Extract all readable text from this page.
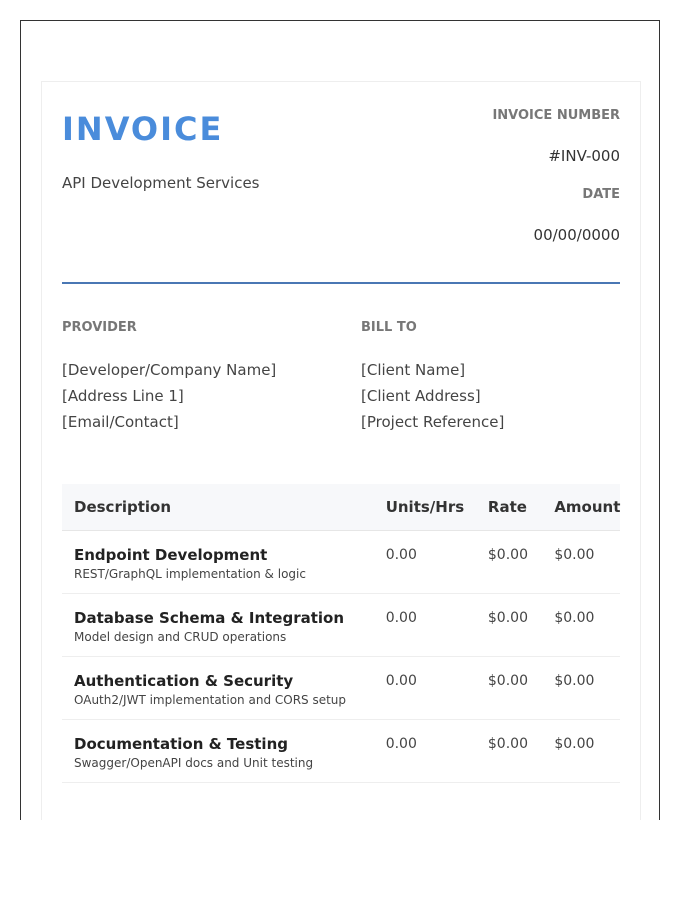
INVOICE
API Development Services
INVOICE NUMBER
#INV-000
DATE
00/00/0000
PROVIDER
[Developer/Company Name]
[Address Line 1]
[Email/Contact]
BILL TO
[Client Name]
[Client Address]
[Project Reference]
Description	Units/Hrs	Rate	Amount

Endpoint Development
REST/GraphQL implementation & logic	0.00	$0.00	$0.00

Database Schema & Integration
Model design and CRUD operations	0.00	$0.00	$0.00

Authentication & Security
OAuth2/JWT implementation and CORS setup	0.00	$0.00	$0.00

Documentation & Testing
Swagger/OpenAPI docs and Unit testing	0.00	$0.00	$0.00
